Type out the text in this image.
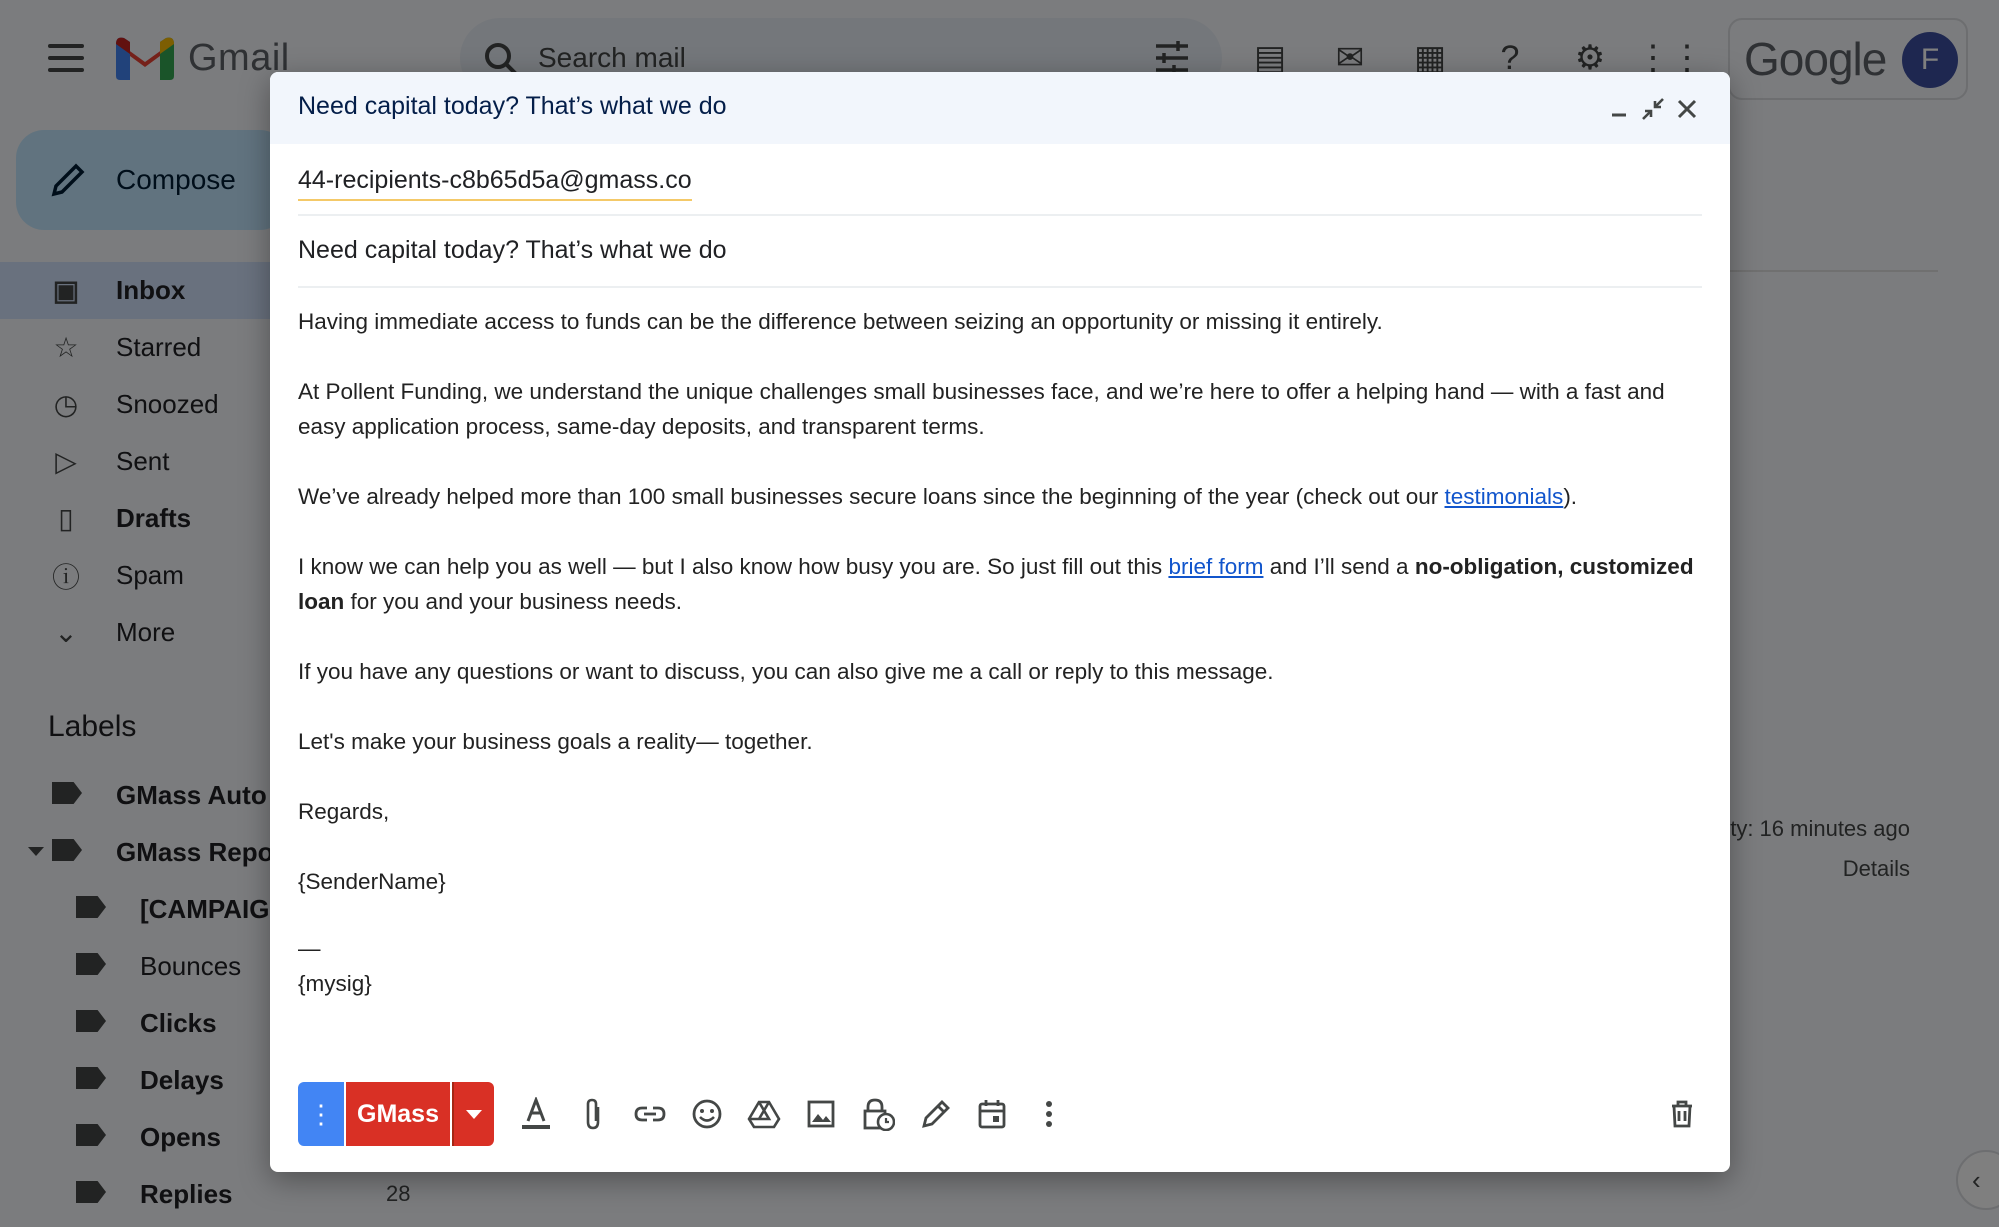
Need capital today? That’s what we do
44-recipients-c8b65d5a@gmass.co
Need capital today? That’s what we do

Having immediate access to funds can be the difference between seizing an opportunity or missing it entirely.

At Pollent Funding, we understand the unique challenges small businesses face, and we’re here to offer a helping hand — with a fast and easy application process, same-day deposits, and transparent terms.

We’ve already helped more than 100 small businesses secure loans since the beginning of the year (check out our testimonials).

I know we can help you as well — but I also know how busy you are. So just fill out this brief form and I’ll send a no-obligation, customized loan for you and your business needs.

If you have any questions or want to discuss, you can also give me a call or reply to this message.

Let's make your business goals a reality— together.

Regards,

{SenderName}

—

{mysig}

⋮ GMass
